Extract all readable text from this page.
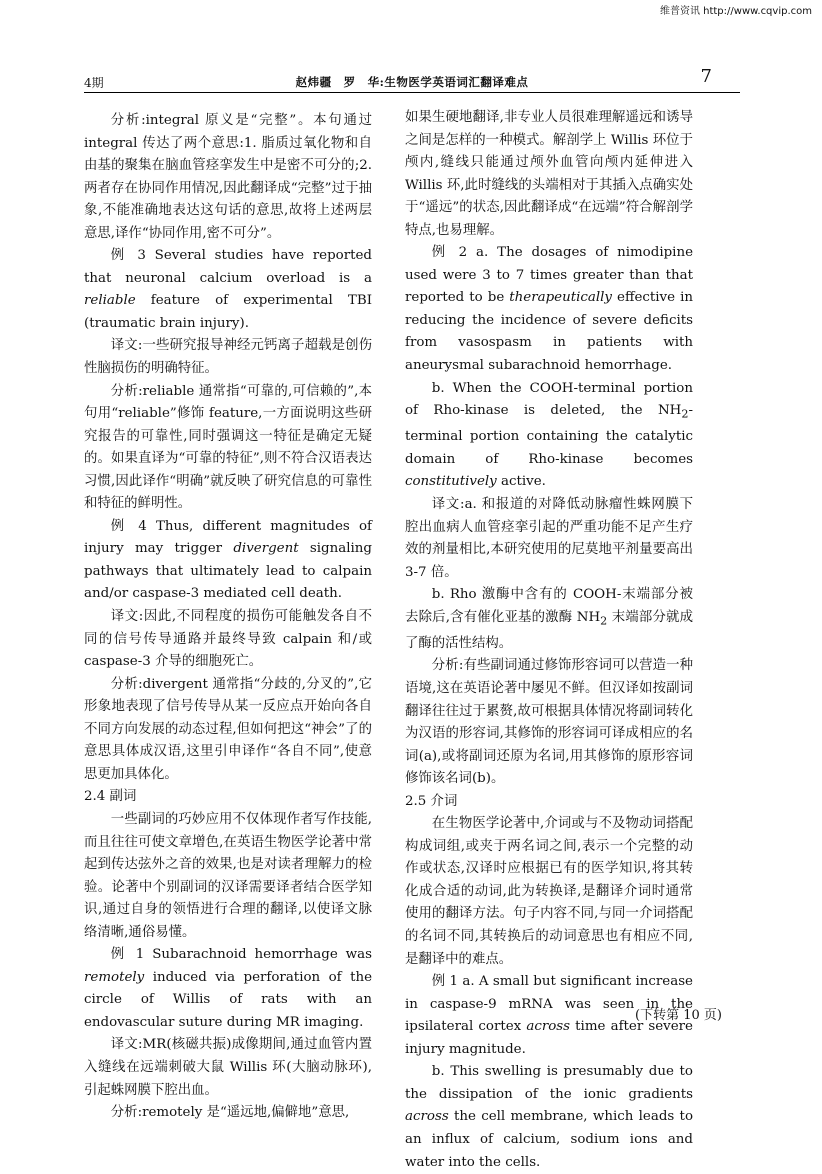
维普资讯 http://www.cqvip.com
4期	赵炜疆　罗　华:生物医学英语词汇翻译难点	7

分析:integral 原义是“完整”。本句通过 integral 传达了两个意思:1. 脂质过氧化物和自由基的聚集在脑血管痉挛发生中是密不可分的;2.两者存在协同作用情况,因此翻译成“完整”过于抽象,不能准确地表达这句话的意思,故将上述两层意思,译作“协同作用,密不可分”。

例 3 Several studies have reported that neuronal calcium overload is a reliable feature of experimental TBI (traumatic brain injury).

译文:一些研究报导神经元钙离子超载是创伤性脑损伤的明确特征。

分析:reliable 通常指“可靠的,可信赖的”,本句用“reliable”修饰 feature,一方面说明这些研究报告的可靠性,同时强调这一特征是确定无疑的。如果直译为“可靠的特征”,则不符合汉语表达习惯,因此译作“明确”就反映了研究信息的可靠性和特征的鲜明性。

例 4 Thus, different magnitudes of injury may trigger divergent signaling pathways that ultimately lead to calpain and/or caspase-3 mediated cell death.

译文:因此,不同程度的损伤可能触发各自不同的信号传导通路并最终导致 calpain 和/或 caspase-3 介导的细胞死亡。

分析:divergent 通常指“分歧的,分叉的”,它形象地表现了信号传导从某一反应点开始向各自不同方向发展的动态过程,但如何把这“神会”了的意思具体成汉语,这里引申译作“各自不同”,使意思更加具体化。

2.4 副词

一些副词的巧妙应用不仅体现作者写作技能,而且往往可使文章增色,在英语生物医学论著中常起到传达弦外之音的效果,也是对读者理解力的检验。论著中个别副词的汉译需要译者结合医学知识,通过自身的领悟进行合理的翻译,以使译文脉络清晰,通俗易懂。

例 1 Subarachnoid hemorrhage was remotely induced via perforation of the circle of Willis of rats with an endovascular suture during MR imaging.

译文:MR(核磁共振)成像期间,通过血管内置入缝线在远端刺破大鼠 Willis 环(大脑动脉环),引起蛛网膜下腔出血。

分析:remotely 是“遥远地,偏僻地”意思,

如果生硬地翻译,非专业人员很难理解遥远和诱导之间是怎样的一种模式。解剖学上 Willis 环位于颅内,缝线只能通过颅外血管向颅内延伸进入 Willis 环,此时缝线的头端相对于其插入点确实处于“遥远”的状态,因此翻译成“在远端”符合解剖学特点,也易理解。

例 2 a. The dosages of nimodipine used were 3 to 7 times greater than that reported to be therapeutically effective in reducing the incidence of severe deficits from vasospasm in patients with aneurysmal subarachnoid hemorrhage.

b. When the COOH-terminal portion of Rho-kinase is deleted, the $NH_2$-terminal portion containing the catalytic domain of Rho-kinase becomes constitutively active.

译文:a. 和报道的对降低动脉瘤性蛛网膜下腔出血病人血管痉挛引起的严重功能不足产生疗效的剂量相比,本研究使用的尼莫地平剂量要高出 3-7 倍。

b. Rho 激酶中含有的 COOH-末端部分被去除后,含有催化亚基的激酶 $NH_2$ 末端部分就成了酶的活性结构。

分析:有些副词通过修饰形容词可以营造一种语境,这在英语论著中屡见不鲜。但汉译如按副词翻译往往过于累赘,故可根据具体情况将副词转化为汉语的形容词,其修饰的形容词可译成相应的名词(a),或将副词还原为名词,用其修饰的原形容词修饰该名词(b)。

2.5 介词

在生物医学论著中,介词或与不及物动词搭配构成词组,或夹于两名词之间,表示一个完整的动作或状态,汉译时应根据已有的医学知识,将其转化成合适的动词,此为转换译,是翻译介词时通常使用的翻译方法。句子内容不同,与同一介词搭配的名词不同,其转换后的动词意思也有相应不同,是翻译中的难点。

例 1 a. A small but significant increase in caspase-9 mRNA was seen in the ipsilateral cortex across time after severe injury magnitude.

b. This swelling is presumably due to the dissipation of the ionic gradients across the cell membrane, which leads to an influx of calcium, sodium ions and water into the cells.

(下转第 10 页)
